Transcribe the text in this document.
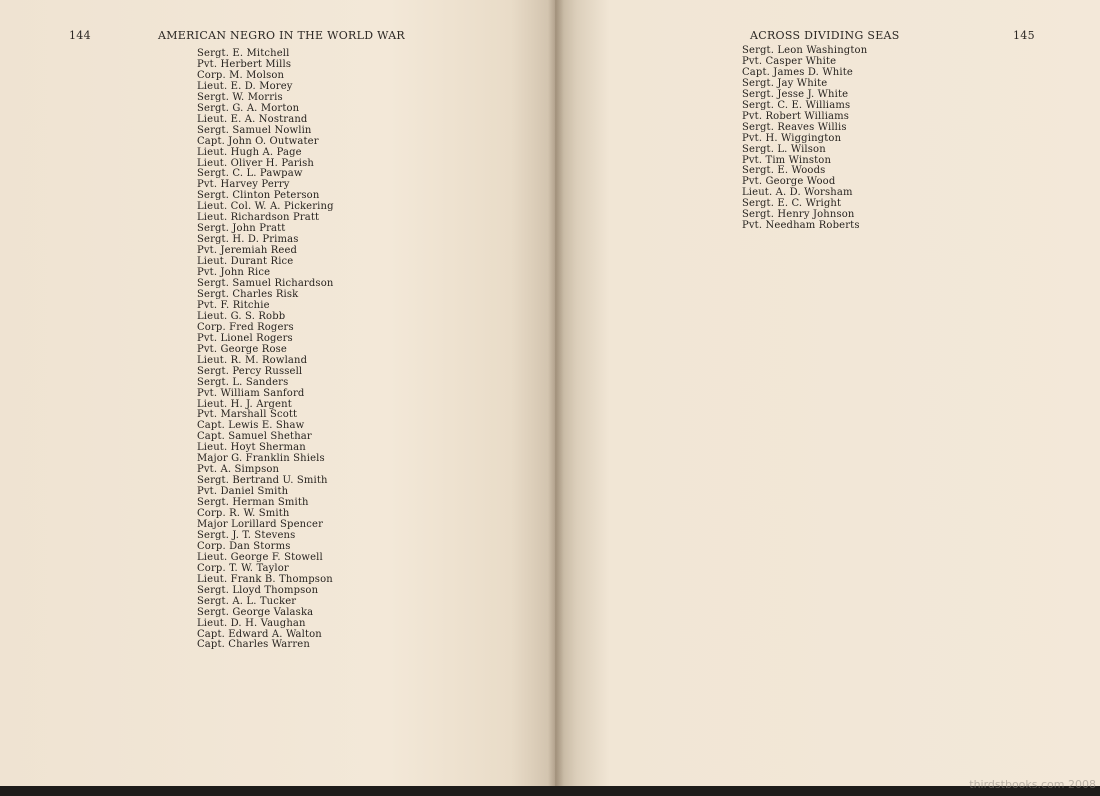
144	AMERICAN NEGRO IN THE WORLD WAR
Sergt. E. Mitchell
Pvt. Herbert Mills
Corp. M. Molson
Lieut. E. D. Morey
Sergt. W. Morris
Sergt. G. A. Morton
Lieut. E. A. Nostrand
Sergt. Samuel Nowlin
Capt. John O. Outwater
Lieut. Hugh A. Page
Lieut. Oliver H. Parish
Sergt. C. L. Pawpaw
Pvt. Harvey Perry
Sergt. Clinton Peterson
Lieut. Col. W. A. Pickering
Lieut. Richardson Pratt
Sergt. John Pratt
Sergt. H. D. Primas
Pvt. Jeremiah Reed
Lieut. Durant Rice
Pvt. John Rice
Sergt. Samuel Richardson
Sergt. Charles Risk
Pvt. F. Ritchie
Lieut. G. S. Robb
Corp. Fred Rogers
Pvt. Lionel Rogers
Pvt. George Rose
Lieut. R. M. Rowland
Sergt. Percy Russell
Sergt. L. Sanders
Pvt. William Sanford
Lieut. H. J. Argent
Pvt. Marshall Scott
Capt. Lewis E. Shaw
Capt. Samuel Shethar
Lieut. Hoyt Sherman
Major G. Franklin Shiels
Pvt. A. Simpson
Sergt. Bertrand U. Smith
Pvt. Daniel Smith
Sergt. Herman Smith
Corp. R. W. Smith
Major Lorillard Spencer
Sergt. J. T. Stevens
Corp. Dan Storms
Lieut. George F. Stowell
Corp. T. W. Taylor
Lieut. Frank B. Thompson
Sergt. Lloyd Thompson
Sergt. A. L. Tucker
Sergt. George Valaska
Lieut. D. H. Vaughan
Capt. Edward A. Walton
Capt. Charles Warren
ACROSS DIVIDING SEAS	145
Sergt. Leon Washington
Pvt. Casper White
Capt. James D. White
Sergt. Jay White
Sergt. Jesse J. White
Sergt. C. E. Williams
Pvt. Robert Williams
Sergt. Reaves Willis
Pvt. H. Wiggington
Sergt. L. Wilson
Pvt. Tim Winston
Sergt. E. Woods
Pvt. George Wood
Lieut. A. D. Worsham
Sergt. E. C. Wright
Sergt. Henry Johnson
Pvt. Needham Roberts
thirdstbooks.com 2008
